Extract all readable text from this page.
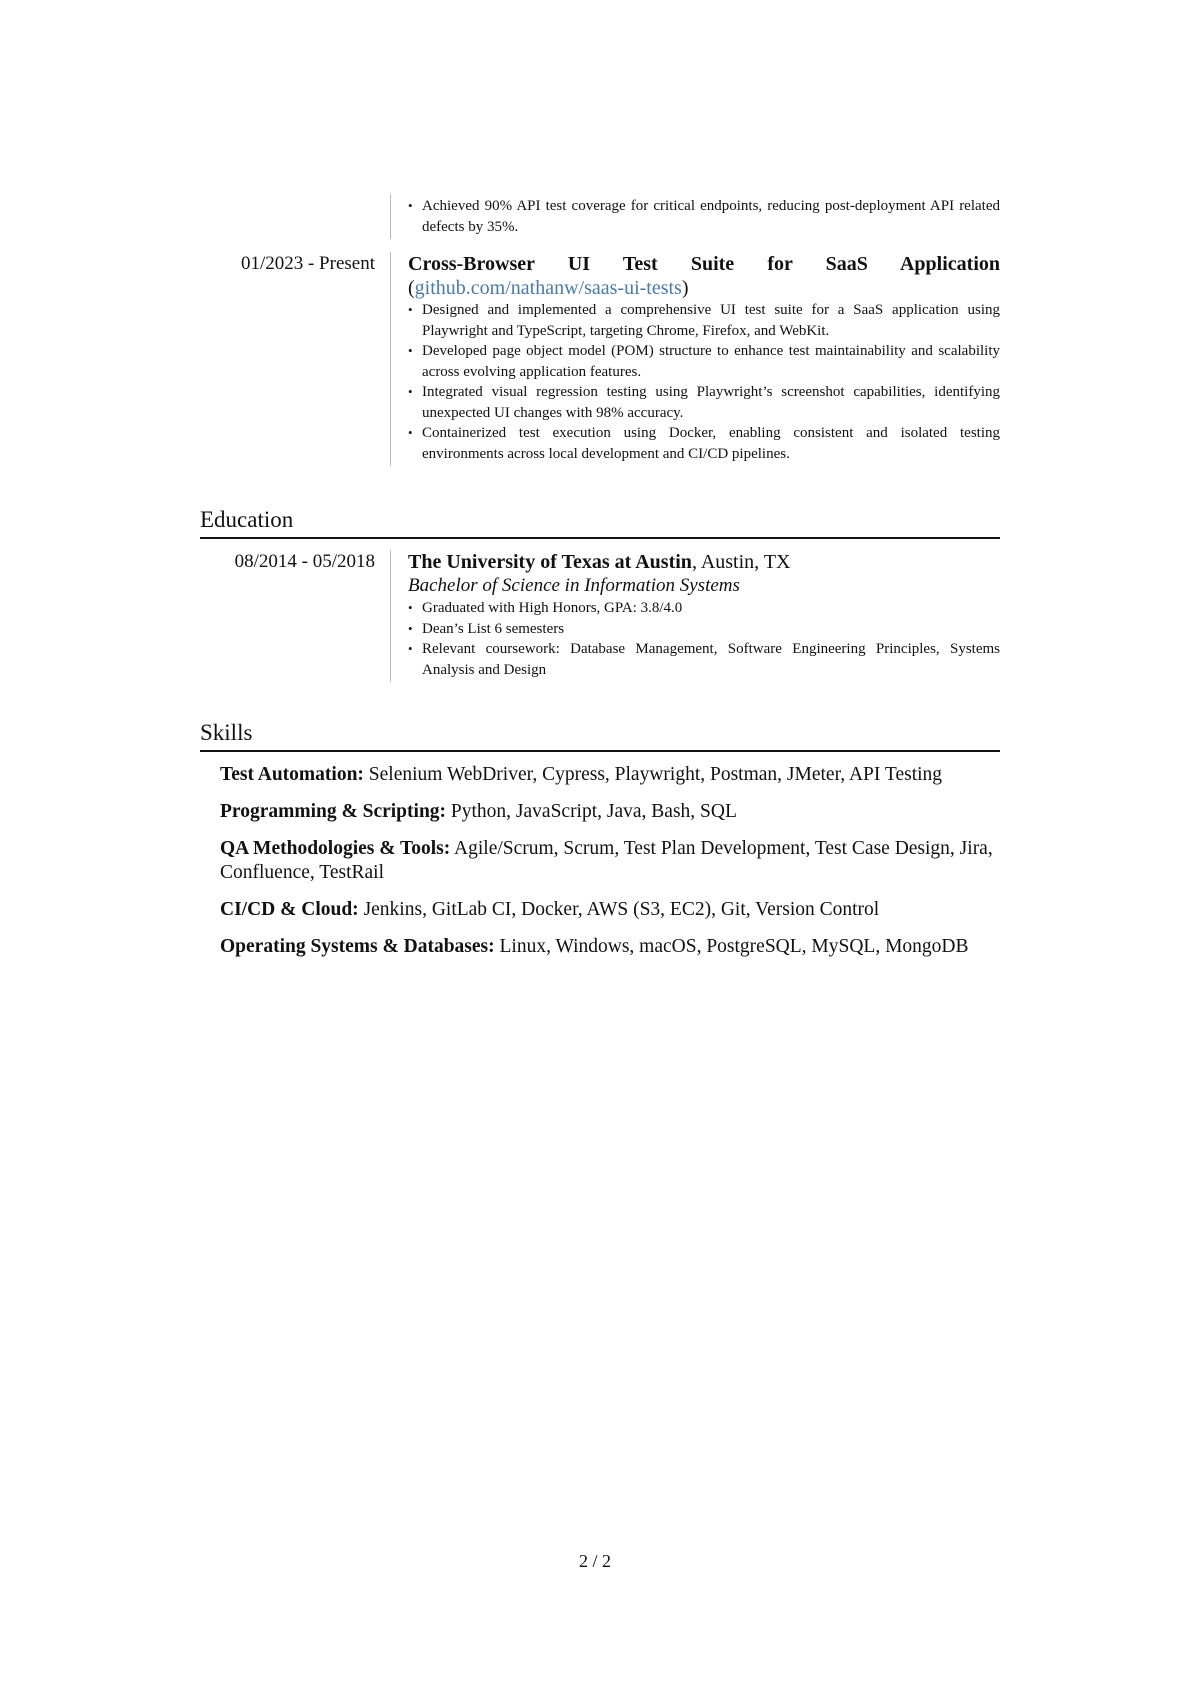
• Achieved 90% API test coverage for critical endpoints, reducing post-deployment API related defects by 35%.
01/2023 - Present Cross-Browser UI Test Suite for SaaS Application (github.com/nathanw/saas-ui-tests)

• Designed and implemented a comprehensive UI test suite for a SaaS application using Playwright and TypeScript, targeting Chrome, Firefox, and WebKit.
• Developed page object model (POM) structure to enhance test maintainability and scalability across evolving application features.
• Integrated visual regression testing using Playwright’s screenshot capabilities, identifying unexpected UI changes with 98% accuracy.
• Containerized test execution using Docker, enabling consistent and isolated testing environments across local development and CI/CD pipelines.
Education
08/2014 - 05/2018 The University of Texas at Austin, Austin, TX

Bachelor of Science in Information Systems

• Graduated with High Honors, GPA: 3.8/4.0
• Dean’s List 6 semesters
• Relevant coursework: Database Management, Software Engineering Principles, Systems Analysis and Design
Skills

Test Automation: Selenium WebDriver, Cypress, Playwright, Postman, JMeter, API Testing

Programming & Scripting: Python, JavaScript, Java, Bash, SQL

QA Methodologies & Tools: Agile/Scrum, Scrum, Test Plan Development, Test Case Design, Jira, Confluence, TestRail

CI/CD & Cloud: Jenkins, GitLab CI, Docker, AWS (S3, EC2), Git, Version Control

Operating Systems & Databases: Linux, Windows, macOS, PostgreSQL, MySQL, MongoDB

2 / 2
